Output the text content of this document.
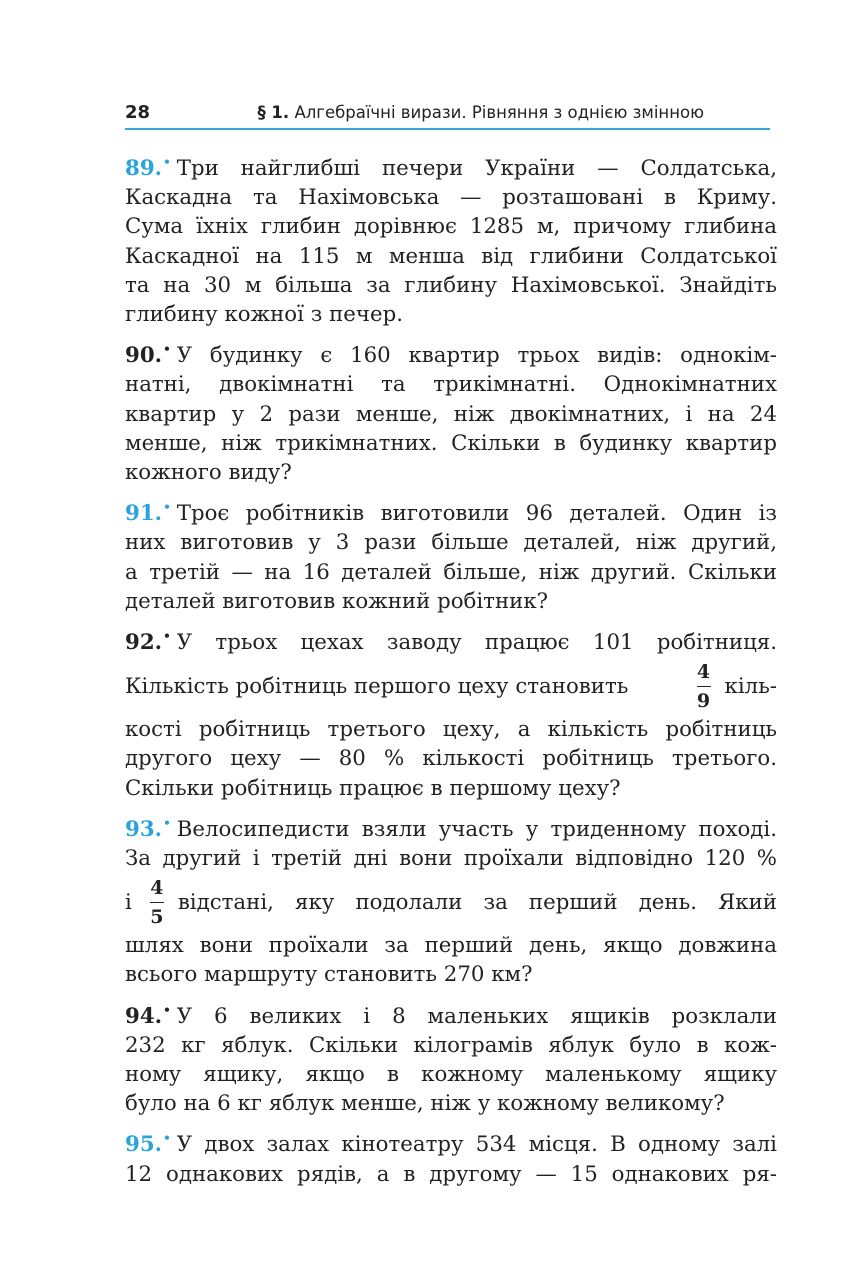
28	§ 1. Алгебраїчні вирази. Рівняння з однією змінною
89.• Три найглибші печери України — Солдатська,
Каскадна та Нахімовська — розташовані в Криму.
Сума їхніх глибин дорівнює 1285 м, причому глибина
Каскадної на 115 м менша від глибини Солдатської
та на 30 м більша за глибину Нахімовської. Знайдіть
глибину кожної з печер.
90.• У будинку є 160 квартир трьох видів: однокім-
натні, двокімнатні та трикімнатні. Однокімнатних
квартир у 2 рази менше, ніж двокімнатних, і на 24
менше, ніж трикімнатних. Скільки в будинку квартир
кожного виду?
91.• Троє робітників виготовили 96 деталей. Один із
них виготовив у 3 рази більше деталей, ніж другий,
а третій — на 16 деталей більше, ніж другий. Скільки
деталей виготовив кожний робітник?
92.• У трьох цехах заводу працює 101 робітниця.
Кількість робітниць першого цеху становить	$\frac{4}{9}$ кіль-
кості робітниць третього цеху, а кількість робітниць
другого цеху — 80 % кількості робітниць третього.
Скільки робітниць працює в першому цеху?
93.• Велосипедисти взяли участь у триденному поході.
За другий і третій дні вони проїхали відповідно 120 %
і $\frac{4}{5}$ відстані, яку подолали за перший день. Який
шлях вони проїхали за перший день, якщо довжина
всього маршруту становить 270 км?
94.• У 6 великих і 8 маленьких ящиків розклали
232 кг яблук. Скільки кілограмів яблук було в кож-
ному ящику, якщо в кожному маленькому ящику
було на 6 кг яблук менше, ніж у кожному великому?
95.• У двох залах кінотеатру 534 місця. В одному залі
12 однакових рядів, а в другому — 15 однакових ря-
